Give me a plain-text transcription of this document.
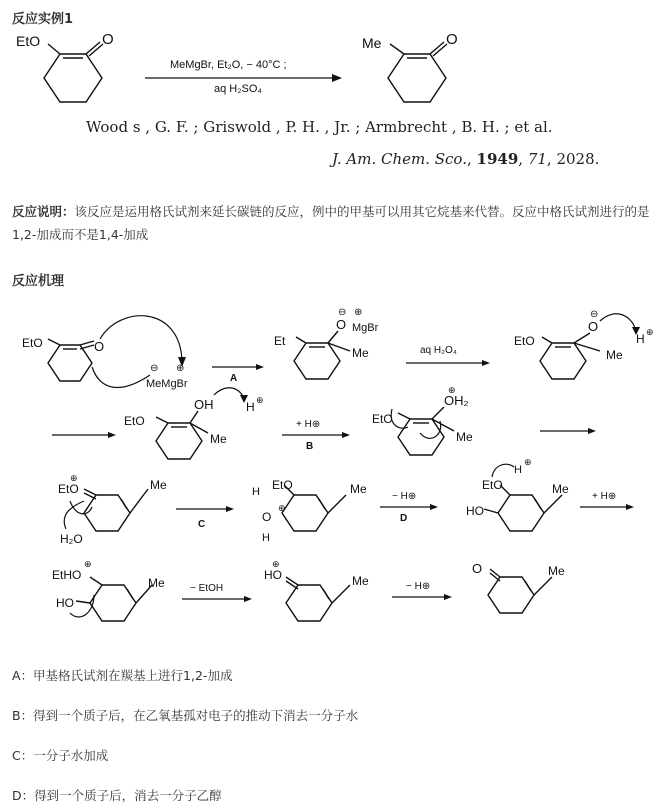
反应实例1
EtO	O
MeMgBr, Et₂O, − 40°C ;
aq H₂SO₄
Me	O
Wood s , G. F. ; Griswold , P. H. , Jr. ; Armbrecht , B. H. ; et al.
J. Am. Chem. Sco., 1949, 71, 2028.
反应说明：该反应是运用格氏试剂来延长碳链的反应，例中的甲基可以用其它烷基来代替。反应中格氏试剂进行的是1,2-加成而不是1,4-加成
反应机理
EtO	O
MeMgBr
⊖ ⊕
A
Et
O
⊖ ⊕
MgBr
Me	aq H₂O₄
EtO
O
⊖
Me
H ⊕
EtO
OH
Me
H ⊕
+ H⊕
B
EtO
OH₂
⊕
Me
EtO
⊕	Me
H₂O
C
H EtO
O
⊕
H
Me
− H⊕
D
EtO
HO
Me
H
⊕
+ H⊕
EtHO
⊕
HO
Me	− EtOH
HO
⊕
Me	− H⊕
O	Me
A：甲基格氏试剂在羰基上进行1,2-加成
B：得到一个质子后，在乙氧基孤对电子的推动下消去一分子水
C：一分子水加成
D：得到一个质子后，消去一分子乙醇
